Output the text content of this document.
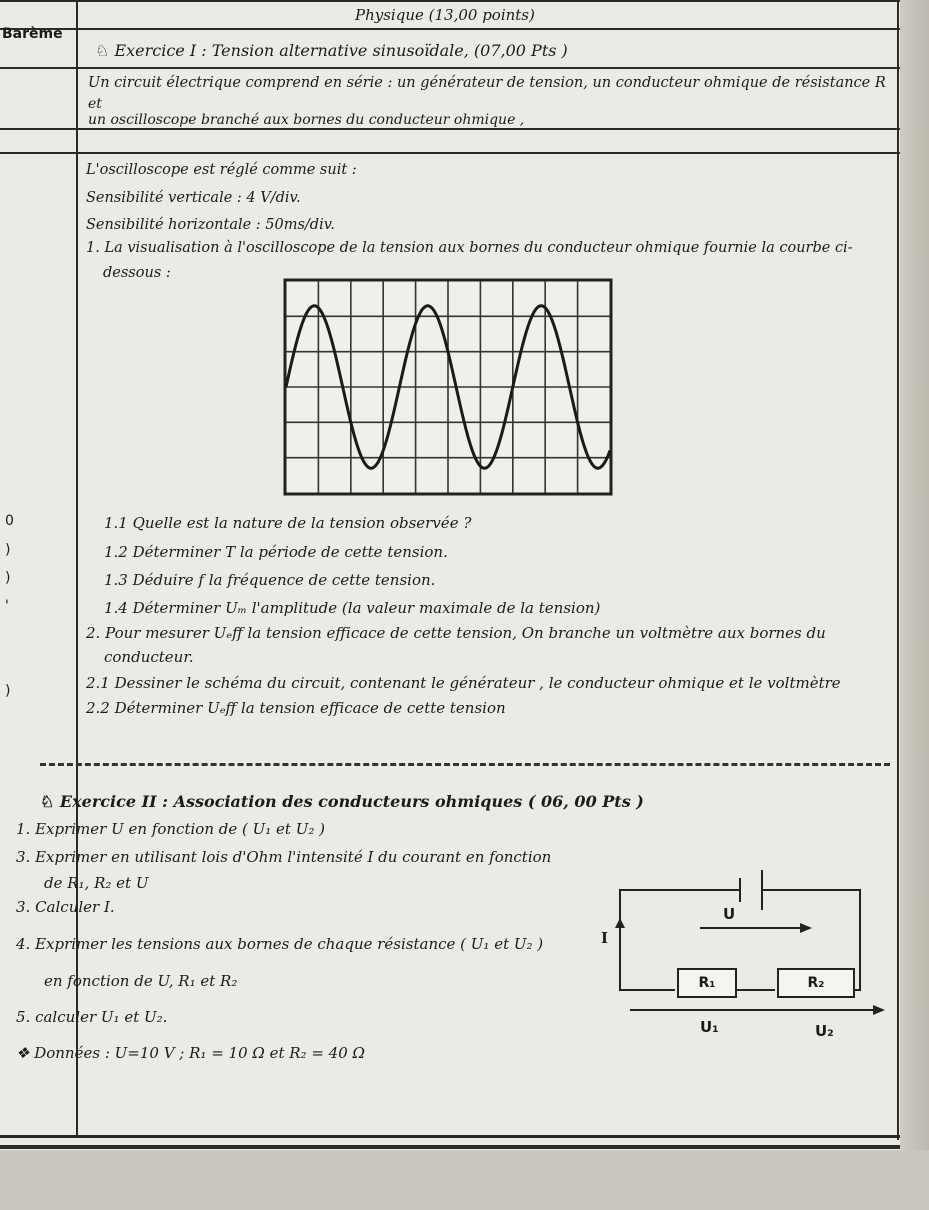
Barème
Physique (13,00 points)
♘ Exercice I : Tension alternative sinusoïdale, (07,00 Pts )
Un circuit électrique comprend en série : un générateur de tension, un conducteur ohmique de résistance R
et
un oscilloscope branché aux bornes du conducteur ohmique ,
L'oscilloscope est réglé comme suit :
Sensibilité verticale : 4 V/div.
Sensibilité horizontale : 50ms/div.
1. La visualisation à l'oscilloscope de la tension aux bornes du conducteur ohmique fournie la courbe ci-
dessous :
0
)
)
'
)
1.1 Quelle est la nature de la tension observée ?
1.2 Déterminer T la période de cette tension.
1.3 Déduire f la fréquence de cette tension.
1.4 Déterminer Uₘ l'amplitude (la valeur maximale de la tension)
2. Pour mesurer Uₑff la tension efficace de cette tension, On branche un voltmètre aux bornes du
conducteur.
2.1 Dessiner le schéma du circuit, contenant le générateur , le conducteur ohmique et le voltmètre
2.2 Déterminer Uₑff la tension efficace de cette tension
♘ Exercice II : Association des conducteurs ohmiques ( 06, 00 Pts )
1. Exprimer U en fonction de ( U₁ et U₂ )
3. Exprimer en utilisant lois d'Ohm l'intensité I du courant en fonction
de R₁, R₂ et U
3. Calculer I.
4. Exprimer les tensions aux bornes de chaque résistance ( U₁ et U₂ )
en fonction de U, R₁ et R₂
5. calculer U₁ et U₂.
❖ Données : U=10 V ; R₁ = 10 Ω et R₂ = 40 Ω
R₁	R₂
U
I
U₁	U₂
